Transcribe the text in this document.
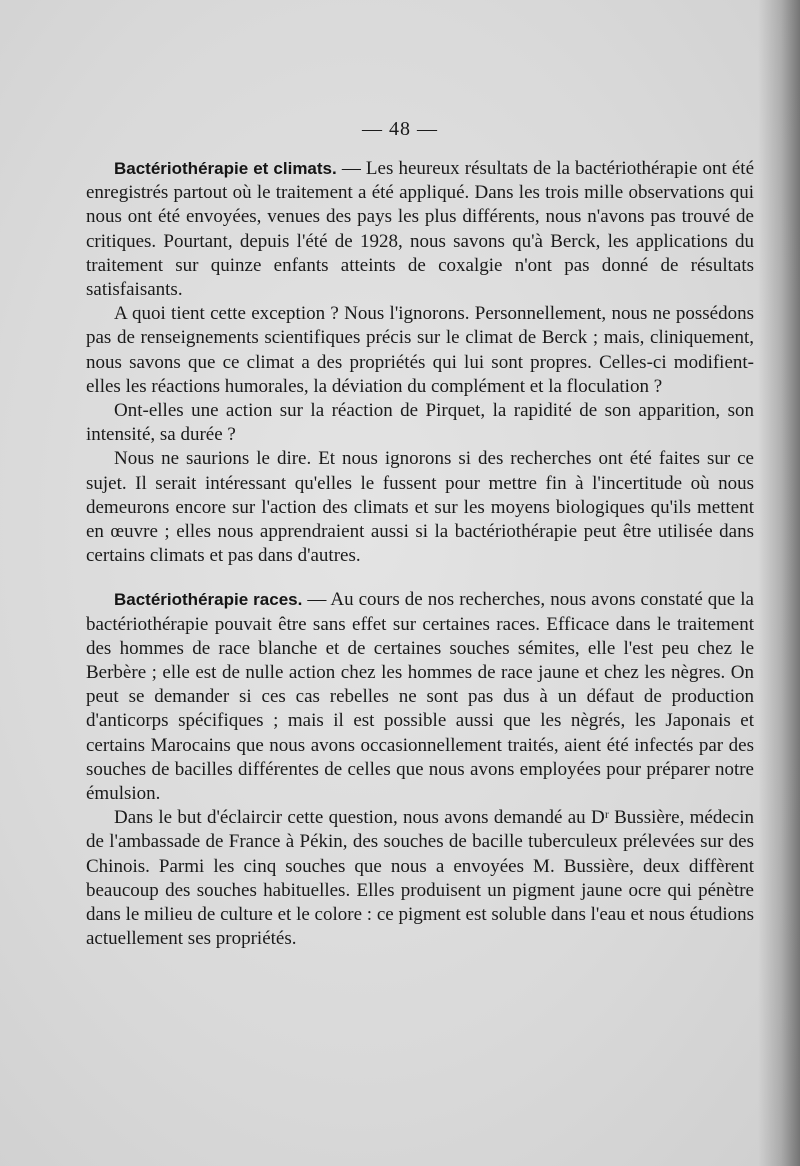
— 48 —

Bactériothérapie et climats. — Les heureux résultats de la bactériothérapie ont été enregistrés partout où le traitement a été appliqué. Dans les trois mille observations qui nous ont été envoyées, venues des pays les plus différents, nous n'avons pas trouvé de critiques. Pourtant, depuis l'été de 1928, nous savons qu'à Berck, les applications du traitement sur quinze enfants atteints de coxalgie n'ont pas donné de résultats satisfaisants.

A quoi tient cette exception ? Nous l'ignorons. Personnellement, nous ne possédons pas de renseignements scientifiques précis sur le climat de Berck ; mais, cliniquement, nous savons que ce climat a des propriétés qui lui sont propres. Celles-ci modifient-elles les réactions humorales, la déviation du complément et la floculation ?

Ont-elles une action sur la réaction de Pirquet, la rapidité de son apparition, son intensité, sa durée ?

Nous ne saurions le dire. Et nous ignorons si des recherches ont été faites sur ce sujet. Il serait intéressant qu'elles le fussent pour mettre fin à l'incertitude où nous demeurons encore sur l'action des climats et sur les moyens biologiques qu'ils mettent en œuvre ; elles nous apprendraient aussi si la bactériothérapie peut être utilisée dans certains climats et pas dans d'autres.

Bactériothérapie races. — Au cours de nos recherches, nous avons constaté que la bactériothérapie pouvait être sans effet sur certaines races. Efficace dans le traitement des hommes de race blanche et de certaines souches sémites, elle l'est peu chez le Berbère ; elle est de nulle action chez les hommes de race jaune et chez les nègres. On peut se demander si ces cas rebelles ne sont pas dus à un défaut de production d'anticorps spécifiques ; mais il est possible aussi que les nègrés, les Japonais et certains Marocains que nous avons occasionnellement traités, aient été infectés par des souches de bacilles différentes de celles que nous avons employées pour préparer notre émulsion.

Dans le but d'éclaircir cette question, nous avons demandé au Dʳ Bussière, médecin de l'ambassade de France à Pékin, des souches de bacille tuberculeux prélevées sur des Chinois. Parmi les cinq souches que nous a envoyées M. Bussière, deux diffèrent beaucoup des souches habituelles. Elles produisent un pigment jaune ocre qui pénètre dans le milieu de culture et le colore : ce pigment est soluble dans l'eau et nous étudions actuellement ses propriétés.
